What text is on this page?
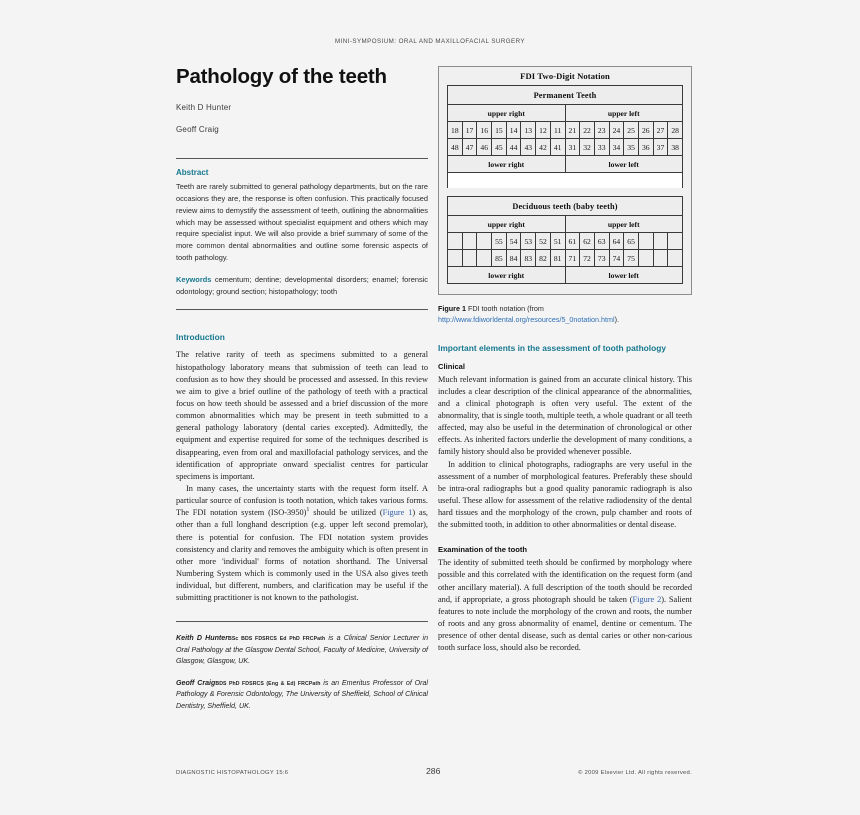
MINI-SYMPOSIUM: ORAL AND MAXILLOFACIAL SURGERY
Pathology of the teeth
Keith D Hunter
Geoff Craig
Abstract
Teeth are rarely submitted to general pathology departments, but on the rare occasions they are, the response is often confusion. This practically focused review aims to demystify the assessment of teeth, outlining the abnormalities which may be assessed without specialist equipment and others which may require specialist input. We will also provide a brief summary of some of the more common dental abnormalities and outline some forensic aspects of tooth pathology.
Keywords cementum; dentine; developmental disorders; enamel; forensic odontology; ground section; histopathology; tooth
Introduction

The relative rarity of teeth as specimens submitted to a general histopathology laboratory means that submission of teeth can lead to confusion as to how they should be processed and assessed. In this review we aim to give a brief outline of the pathology of teeth with a practical focus on how teeth should be assessed and a brief discussion of the more common abnormalities which may be present in teeth submitted to a general pathology laboratory (dental caries excepted). Admittedly, the equipment and expertise required for some of the techniques described is disappearing, even from oral and maxillofacial pathology services, and the identification of appropriate onward specialist centres for particular specimens is important.

In many cases, the uncertainty starts with the request form itself. A particular source of confusion is tooth notation, which takes various forms. The FDI notation system $(ISO-3950)^1$ should be utilized (Figure 1) as, other than a full longhand description (e.g. upper left second premolar), there is potential for confusion. The FDI notation system provides consistency and clarity and removes the ambiguity which is often present in other more 'individual' forms of notation shorthand. The Universal Numbering System which is commonly used in the USA also gives teeth individual, but different, numbers, and clarification may be useful if the submitting practitioner is not known to the pathologist.

Keith D HunterBSc BDS FDSRCS Ed PhD FRCPath is a Clinical Senior Lecturer in Oral Pathology at the Glasgow Dental School, Faculty of Medicine, University of Glasgow, Glasgow, UK.
Geoff CraigBDS PhD FDSRCS (Eng & Ed) FRCPath is an Emeritus Professor of Oral Pathology & Forensic Odontology, The University of Sheffield, School of Clinical Dentistry, Sheffield, UK.
FDI Two-Digit Notation
Permanent Teeth															
upper right								upper left							
18	17	16	15	14	13	12	11	21	22	23	24	25	26	27	28
48	47	46	45	44	43	42	41	31	32	33	34	35	36	37	38
lower right								lower left							

Deciduous teeth (baby teeth)															
upper right								upper left							
			55	54	53	52	51	61	62	63	64	65			
			85	84	83	82	81	71	72	73	74	75			
lower right								lower left							
Figure 1 FDI tooth notation (from http://www.fdiworldental.org/resources/5_0notation.html).
Important elements in the assessment of tooth pathology
Clinical

Much relevant information is gained from an accurate clinical history. This includes a clear description of the clinical appearance of the abnormalities, and a clinical photograph is often very useful. The extent of the abnormality, that is single tooth, multiple teeth, a whole quadrant or all teeth affected, may also be useful in the determination of chronological or other effects. As inherited factors underlie the development of many conditions, a family history should also be provided whenever possible.

In addition to clinical photographs, radiographs are very useful in the assessment of a number of morphological features. Preferably these should be intra-oral radiographs but a good quality panoramic radiograph is also useful. These allow for assessment of the relative radiodensity of the dental hard tissues and the morphology of the crown, pulp chamber and roots of the submitted tooth, in addition to other abnormalities or dental disease.

Examination of the tooth

The identity of submitted teeth should be confirmed by morphology where possible and this correlated with the identification on the request form (and other ancillary material). A full description of the tooth should be recorded and, if appropriate, a gross photograph should be taken (Figure 2). Salient features to note include the morphology of the crown and roots, the number of roots and any gross abnormality of enamel, dentine or cementum. The presence of other dental disease, such as dental caries or other non-carious tooth surface loss, should also be recorded.

DIAGNOSTIC HISTOPATHOLOGY 15:6	286	© 2009 Elsevier Ltd. All rights reserved.
